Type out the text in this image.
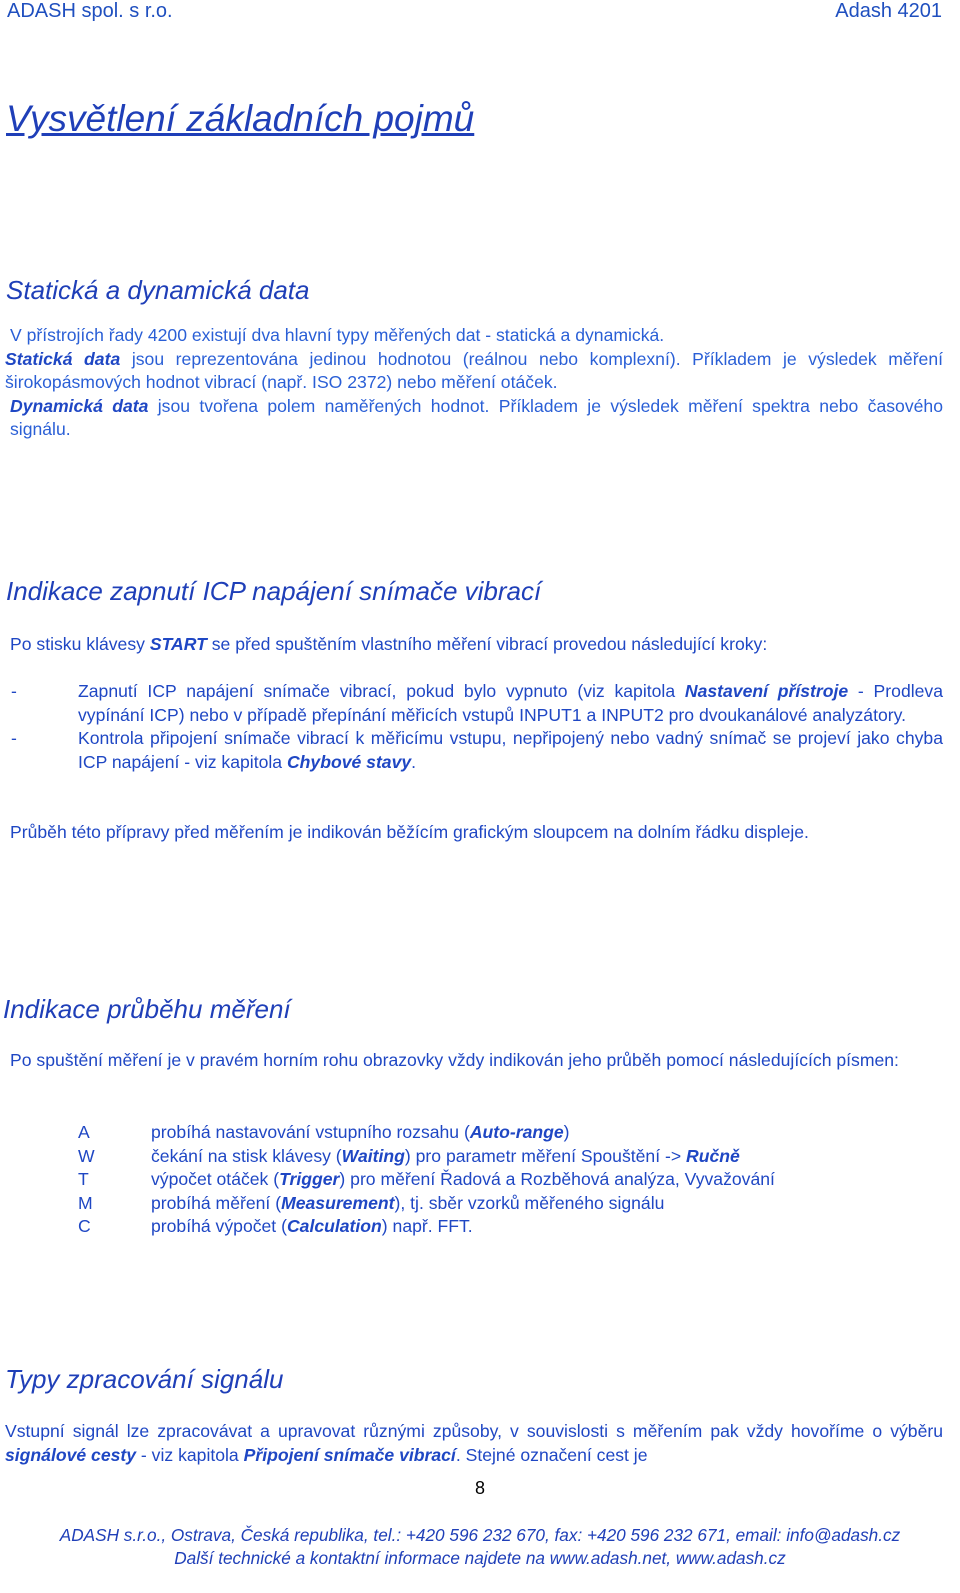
ADASH spol. s r.o.	Adash 4201
Vysvětlení základních pojmů
Statická a dynamická data
V přístrojích řady 4200 existují dva hlavní typy měřených dat - statická a dynamická.
Statická data jsou reprezentována jedinou hodnotou (reálnou nebo komplexní). Příkladem je výsledek měření širokopásmových hodnot vibrací (např. ISO 2372) nebo měření otáček.
Dynamická data jsou tvořena polem naměřených hodnot. Příkladem je výsledek měření spektra nebo časového signálu.
Indikace zapnutí ICP napájení snímače vibrací
Po stisku klávesy START se před spuštěním vlastního měření vibrací provedou následující kroky:
-	Zapnutí ICP napájení snímače vibrací, pokud bylo vypnuto (viz kapitola Nastavení přístroje - Prodleva vypínání ICP) nebo v případě přepínání měřicích vstupů INPUT1 a INPUT2 pro dvoukanálové analyzátory.
-	Kontrola připojení snímače vibrací k měřicímu vstupu, nepřipojený nebo vadný snímač se projeví jako chyba ICP napájení - viz kapitola Chybové stavy.
Průběh této přípravy před měřením je indikován běžícím grafickým sloupcem na dolním řádku displeje.
Indikace průběhu měření
Po spuštění měření je v pravém horním rohu obrazovky vždy indikován jeho průběh pomocí následujících písmen:
A	probíhá nastavování vstupního rozsahu (Auto-range)
W	čekání na stisk klávesy (Waiting) pro parametr měření Spouštění -> Ručně
T	výpočet otáček (Trigger) pro měření Řadová a Rozběhová analýza, Vyvažování
M	probíhá měření (Measurement), tj. sběr vzorků měřeného signálu
C	probíhá výpočet (Calculation) např. FFT.
Typy zpracování signálu
Vstupní signál lze zpracovávat a upravovat různými způsoby, v souvislosti s měřením pak vždy hovoříme o výběru signálové cesty - viz kapitola Připojení snímače vibrací. Stejné označení cest je
8
ADASH s.r.o., Ostrava, Česká republika, tel.: +420 596 232 670, fax: +420 596 232 671, email: info@adash.cz
Další technické a kontaktní informace najdete na www.adash.net, www.adash.cz
